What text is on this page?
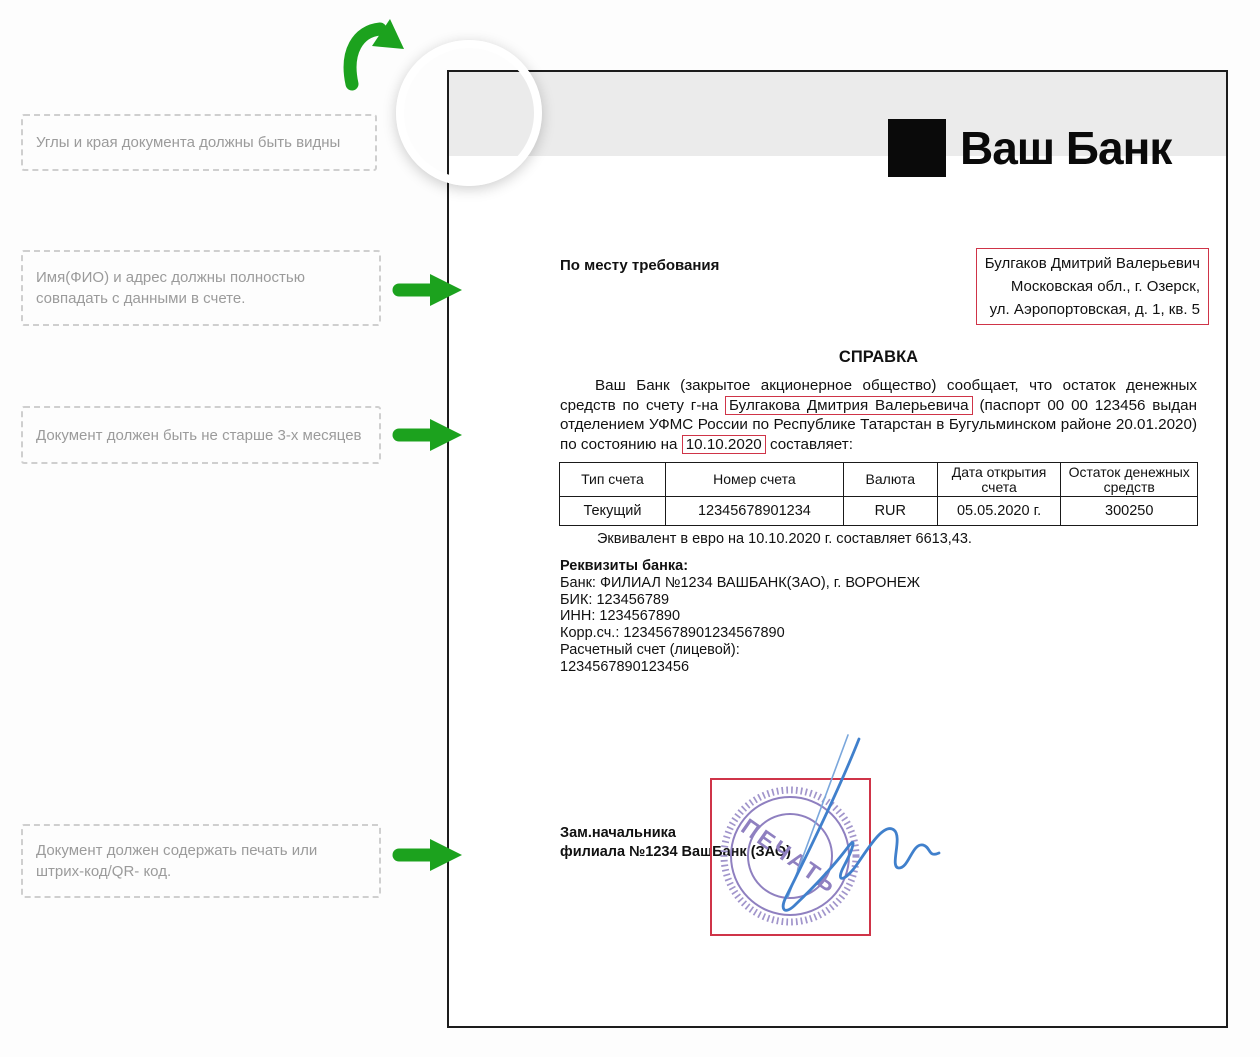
Углы и края документа должны быть видны
Имя(ФИО) и адрес должны полностью совпадать с данными в счете.
Документ должен быть не старше 3-х месяцев
Документ должен содержать печать или штрих-код/QR- код.
Ваш Банк
По месту требования	Булгаков Дмитрий Валерьевич
Московская обл., г. Озерск,
ул. Аэропортовская, д. 1, кв. 5
СПРАВКА

Ваш Банк (закрытое акционерное общество) сообщает, что остаток денежных средств по счету г-на Булгакова Дмитрия Валерьевича (паспорт 00 00 123456 выдан отделением УФМС России по Республике Татарстан в Бугульминском районе 20.01.2020) по состоянию на 10.10.2020 составляет:

Тип счета	Номер счета	Валюта	Дата открытия счета	Остаток денежных средств
Текущий	12345678901234	RUR	05.05.2020 г.	300250
Эквивалент в евро на 10.10.2020 г. составляет 6613,43.
Реквизиты банка:
Банк: ФИЛИАЛ №1234 ВАШБАНК(ЗАО), г. ВОРОНЕЖ
БИК: 123456789
ИНН: 1234567890
Корр.сч.: 12345678901234567890
Расчетный счет (лицевой):
1234567890123456
Зам.начальника
филиала №1234 ВашБанк (ЗАО)
ПЕЧАТЬ
